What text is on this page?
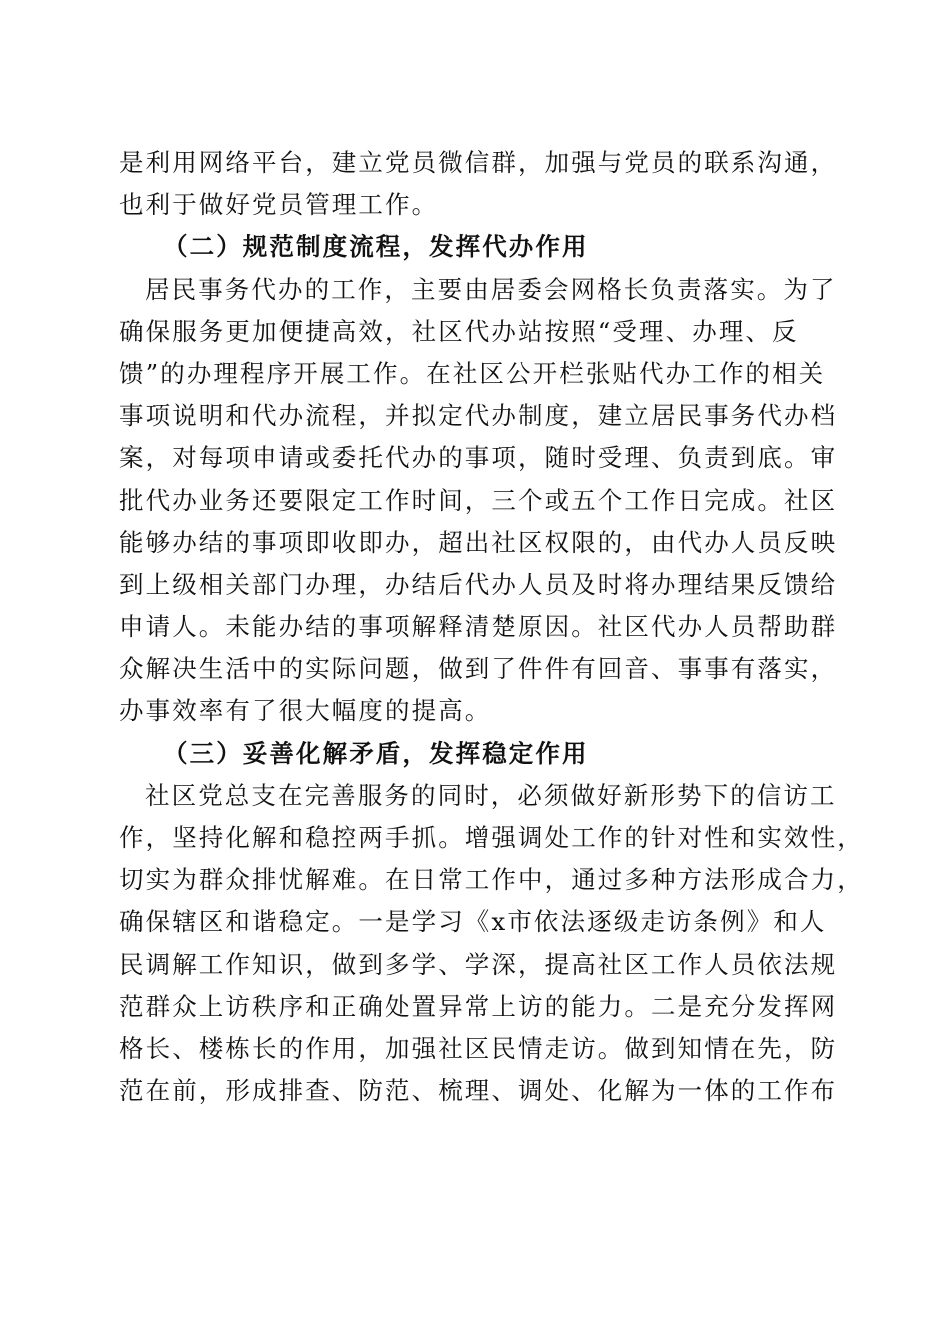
是利用网络平台，建立党员微信群，加强与党员的联系沟通，
也利于做好党员管理工作。
（二）规范制度流程，发挥代办作用
居民事务代办的工作，主要由居委会网格长负责落实。为了
确保服务更加便捷高效，社区代办站按照“受理、办理、反
馈”的办理程序开展工作。在社区公开栏张贴代办工作的相关
事项说明和代办流程，并拟定代办制度，建立居民事务代办档
案，对每项申请或委托代办的事项，随时受理、负责到底。审
批代办业务还要限定工作时间，三个或五个工作日完成。社区
能够办结的事项即收即办，超出社区权限的，由代办人员反映
到上级相关部门办理，办结后代办人员及时将办理结果反馈给
申请人。未能办结的事项解释清楚原因。社区代办人员帮助群
众解决生活中的实际问题，做到了件件有回音、事事有落实，
办事效率有了很大幅度的提高。
（三）妥善化解矛盾，发挥稳定作用
社区党总支在完善服务的同时，必须做好新形势下的信访工
作，坚持化解和稳控两手抓。增强调处工作的针对性和实效性，
切实为群众排忧解难。在日常工作中，通过多种方法形成合力，
确保辖区和谐稳定。一是学习《x市依法逐级走访条例》和人
民调解工作知识，做到多学、学深，提高社区工作人员依法规
范群众上访秩序和正确处置异常上访的能力。二是充分发挥网
格长、楼栋长的作用，加强社区民情走访。做到知情在先，防
范在前，形成排查、防范、梳理、调处、化解为一体的工作布
